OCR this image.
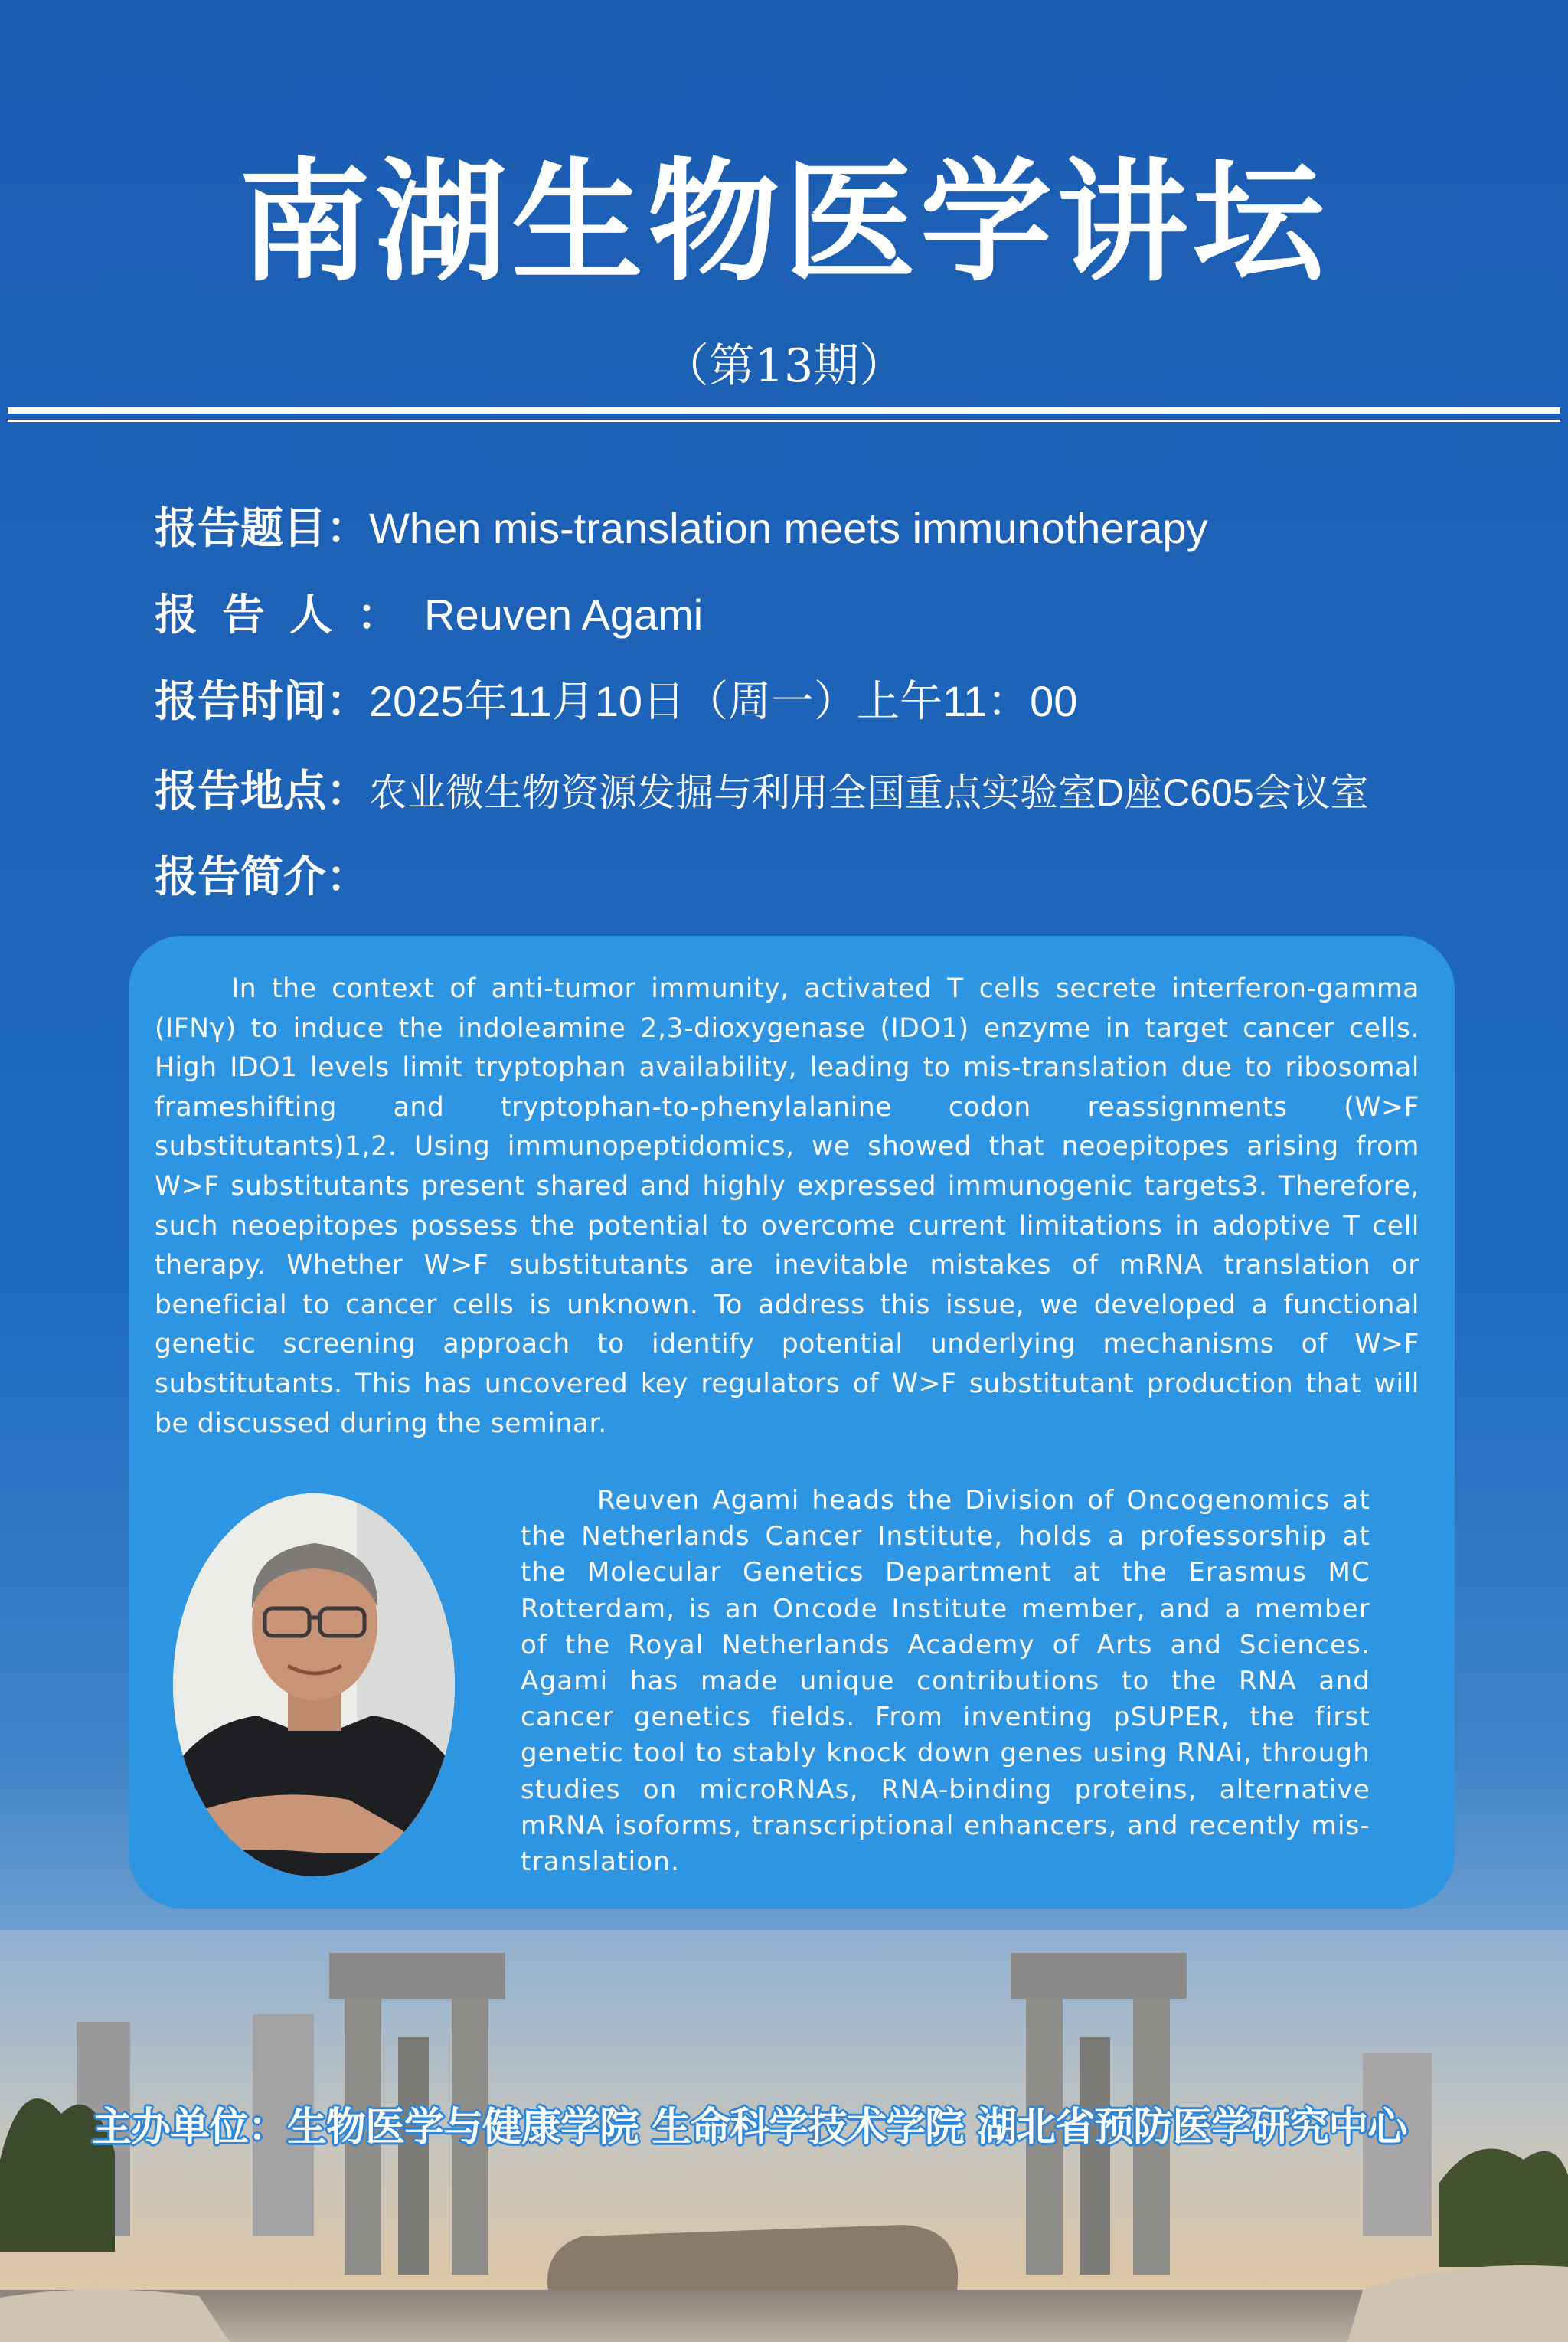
南湖生物医学讲坛
（第13期）
报告题目：When mis-translation meets immunotherapy
报告人：Reuven Agami
报告时间：2025年11月10日（周一）上午11：00
报告地点：农业微生物资源发掘与利用全国重点实验室D座C605会议室
报告简介：

In the context of anti-tumor immunity, activated T cells secrete interferon-gamma (IFNγ) to induce the indoleamine 2,3-dioxygenase (IDO1) enzyme in target cancer cells. High IDO1 levels limit tryptophan availability, leading to mis-translation due to ribosomal frameshifting and tryptophan-to-phenylalanine codon reassignments (W>F substitutants)1,2. Using immunopeptidomics, we showed that neoepitopes arising from W>F substitutants present shared and highly expressed immunogenic targets3. Therefore, such neoepitopes possess the potential to overcome current limitations in adoptive T cell therapy. Whether W>F substitutants are inevitable mistakes of mRNA translation or beneficial to cancer cells is unknown. To address this issue, we developed a functional genetic screening approach to identify potential underlying mechanisms of W>F substitutants. This has uncovered key regulators of W>F substitutant production that will be discussed during the seminar.

Reuven Agami heads the Division of Oncogenomics at the Netherlands Cancer Institute, holds a professorship at the Molecular Genetics Department at the Erasmus MC Rotterdam, is an Oncode Institute member, and a member of the Royal Netherlands Academy of Arts and Sciences. Agami has made unique contributions to the RNA and cancer genetics fields. From inventing pSUPER, the first genetic tool to stably knock down genes using RNAi, through studies on microRNAs, RNA-binding proteins, alternative mRNA isoforms, transcriptional enhancers, and recently mis-translation.

主办单位：生物医学与健康学院 生命科学技术学院 湖北省预防医学研究中心
